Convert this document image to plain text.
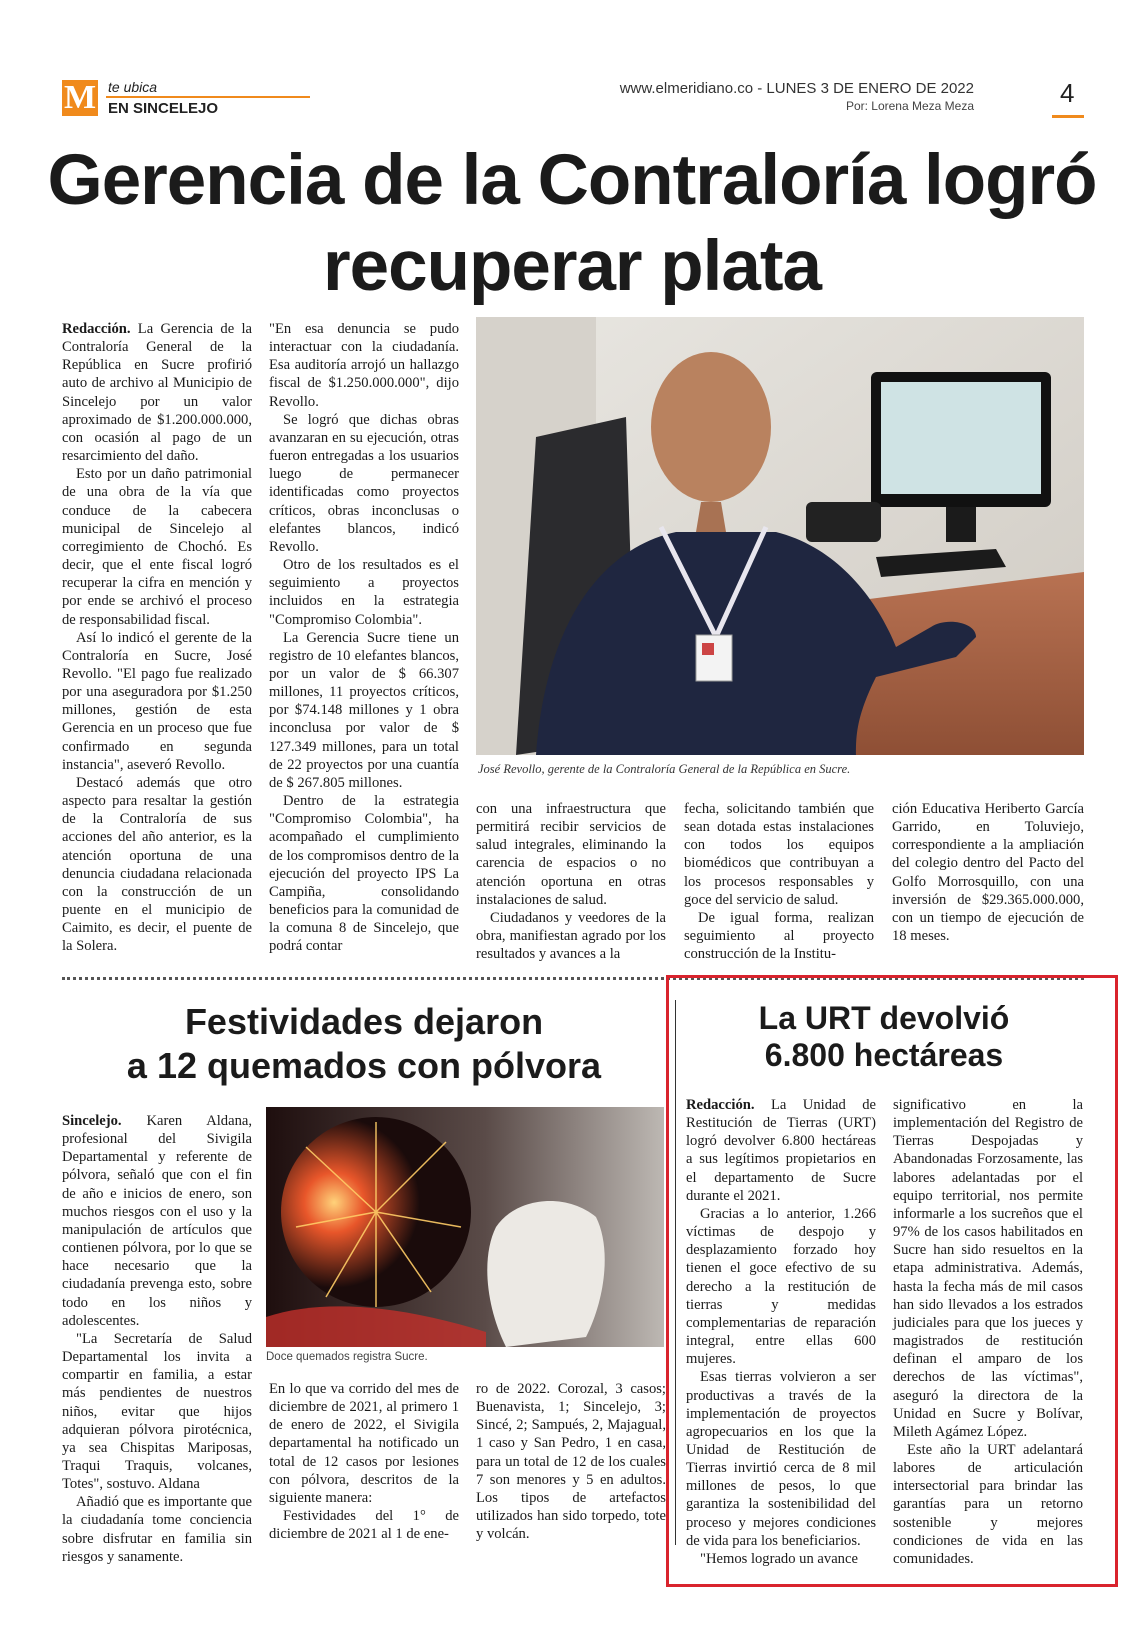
M te ubica
EN SINCELEJO
www.elmeridiano.co - LUNES 3 DE ENERO DE 2022
Por: Lorena Meza Meza	4
Gerencia de la Contraloría logró recuperar plata

Redacción. La Gerencia de la Contraloría General de la República en Sucre profirió auto de archivo al Municipio de Sincelejo por un valor aproximado de $1.200.000.000, con ocasión al pago de un resarcimiento del daño.

Esto por un daño patrimonial de una obra de la vía que conduce de la cabecera municipal de Sincelejo al corregimiento de Chochó. Es decir, que el ente fiscal logró recuperar la cifra en mención y por ende se archivó el proceso de responsabilidad fiscal.

Así lo indicó el gerente de la Contraloría en Sucre, José Revollo. "El pago fue realizado por una aseguradora por $1.250 millones, gestión de esta Gerencia en un proceso que fue confirmado en segunda instancia", aseveró Revollo.

Destacó además que otro aspecto para resaltar la gestión de la Contraloría de sus acciones del año anterior, es la atención oportuna de una denuncia ciudadana relacionada con la construcción de un puente en el municipio de Caimito, es decir, el puente de la Solera.

"En esa denuncia se pudo interactuar con la ciudadanía. Esa auditoría arrojó un hallazgo fiscal de $1.250.000.000", dijo Revollo.

Se logró que dichas obras avanzaran en su ejecución, otras fueron entregadas a los usuarios luego de permanecer identificadas como proyectos críticos, obras inconclusas o elefantes blancos, indicó Revollo.

Otro de los resultados es el seguimiento a proyectos incluidos en la estrategia "Compromiso Colombia".

La Gerencia Sucre tiene un registro de 10 elefantes blancos, por un valor de $ 66.307 millones, 11 proyectos críticos, por $74.148 millones y 1 obra inconclusa por valor de $ 127.349 millones, para un total de 22 proyectos por una cuantía de $ 267.805 millones.

Dentro de la estrategia "Compromiso Colombia", ha acompañado el cumplimiento de los compromisos dentro de la ejecución del proyecto IPS La Campiña, consolidando beneficios para la comunidad de la comuna 8 de Sincelejo, que podrá contar

José Revollo, gerente de la Contraloría General de la República en Sucre.

con una infraestructura que permitirá recibir servicios de salud integrales, eliminando la carencia de espacios o no atención oportuna en otras instalaciones de salud.

Ciudadanos y veedores de la obra, manifiestan agrado por los resultados y avances a la

fecha, solicitando también que sean dotada estas instalaciones con todos los equipos biomédicos que contribuyan a los procesos responsables y goce del servicio de salud.

De igual forma, realizan seguimiento al proyecto construcción de la Institu-

ción Educativa Heriberto García Garrido, en Toluviejo, correspondiente a la ampliación del colegio dentro del Pacto del Golfo Morrosquillo, con una inversión de $29.365.000.000, con un tiempo de ejecución de 18 meses.

Festividades dejaron
a 12 quemados con pólvora

Sincelejo. Karen Aldana, profesional del Sivigila Departamental y referente de pólvora, señaló que con el fin de año e inicios de enero, son muchos riesgos con el uso y la manipulación de artículos que contienen pólvora, por lo que se hace necesario que la ciudadanía prevenga esto, sobre todo en los niños y adolescentes.

"La Secretaría de Salud Departamental los invita a compartir en familia, a estar más pendientes de nuestros niños, evitar que hijos adquieran pólvora pirotécnica, ya sea Chispitas Mariposas, Traqui Traquis, volcanes, Totes", sostuvo. Aldana

Añadió que es importante que la ciudadanía tome conciencia sobre disfrutar en familia sin riesgos y sanamente.

Doce quemados registra Sucre.

En lo que va corrido del mes de diciembre de 2021, al primero 1 de enero de 2022, el Sivigila departamental ha notificado un total de 12 casos por lesiones con pólvora, descritos de la siguiente manera:

Festividades del 1° de diciembre de 2021 al 1 de ene-

ro de 2022. Corozal, 3 casos; Buenavista, 1; Sincelejo, 3; Sincé, 2; Sampués, 2, Majagual, 1 caso y San Pedro, 1 en casa, para un total de 12 de los cuales 7 son menores y 5 en adultos. Los tipos de artefactos utilizados han sido torpedo, tote y volcán.

La URT devolvió
6.800 hectáreas

Redacción. La Unidad de Restitución de Tierras (URT) logró devolver 6.800 hectáreas a sus legítimos propietarios en el departamento de Sucre durante el 2021.

Gracias a lo anterior, 1.266 víctimas de despojo y desplazamiento forzado hoy tienen el goce efectivo de su derecho a la restitución de tierras y medidas complementarias de reparación integral, entre ellas 600 mujeres.

Esas tierras volvieron a ser productivas a través de la implementación de proyectos agropecuarios en los que la Unidad de Restitución de Tierras invirtió cerca de 8 mil millones de pesos, lo que garantiza la sostenibilidad del proceso y mejores condiciones de vida para los beneficiarios.

"Hemos logrado un avance

significativo en la implementación del Registro de Tierras Despojadas y Abandonadas Forzosamente, las labores adelantadas por el equipo territorial, nos permite informarle a los sucreños que el 97% de los casos habilitados en Sucre han sido resueltos en la etapa administrativa. Además, hasta la fecha más de mil casos han sido llevados a los estrados judiciales para que los jueces y magistrados de restitución definan el amparo de los derechos de las víctimas", aseguró la directora de la Unidad en Sucre y Bolívar, Mileth Agámez López.

Este año la URT adelantará labores de articulación intersectorial para brindar las garantías para un retorno sostenible y mejores condiciones de vida en las comunidades.
